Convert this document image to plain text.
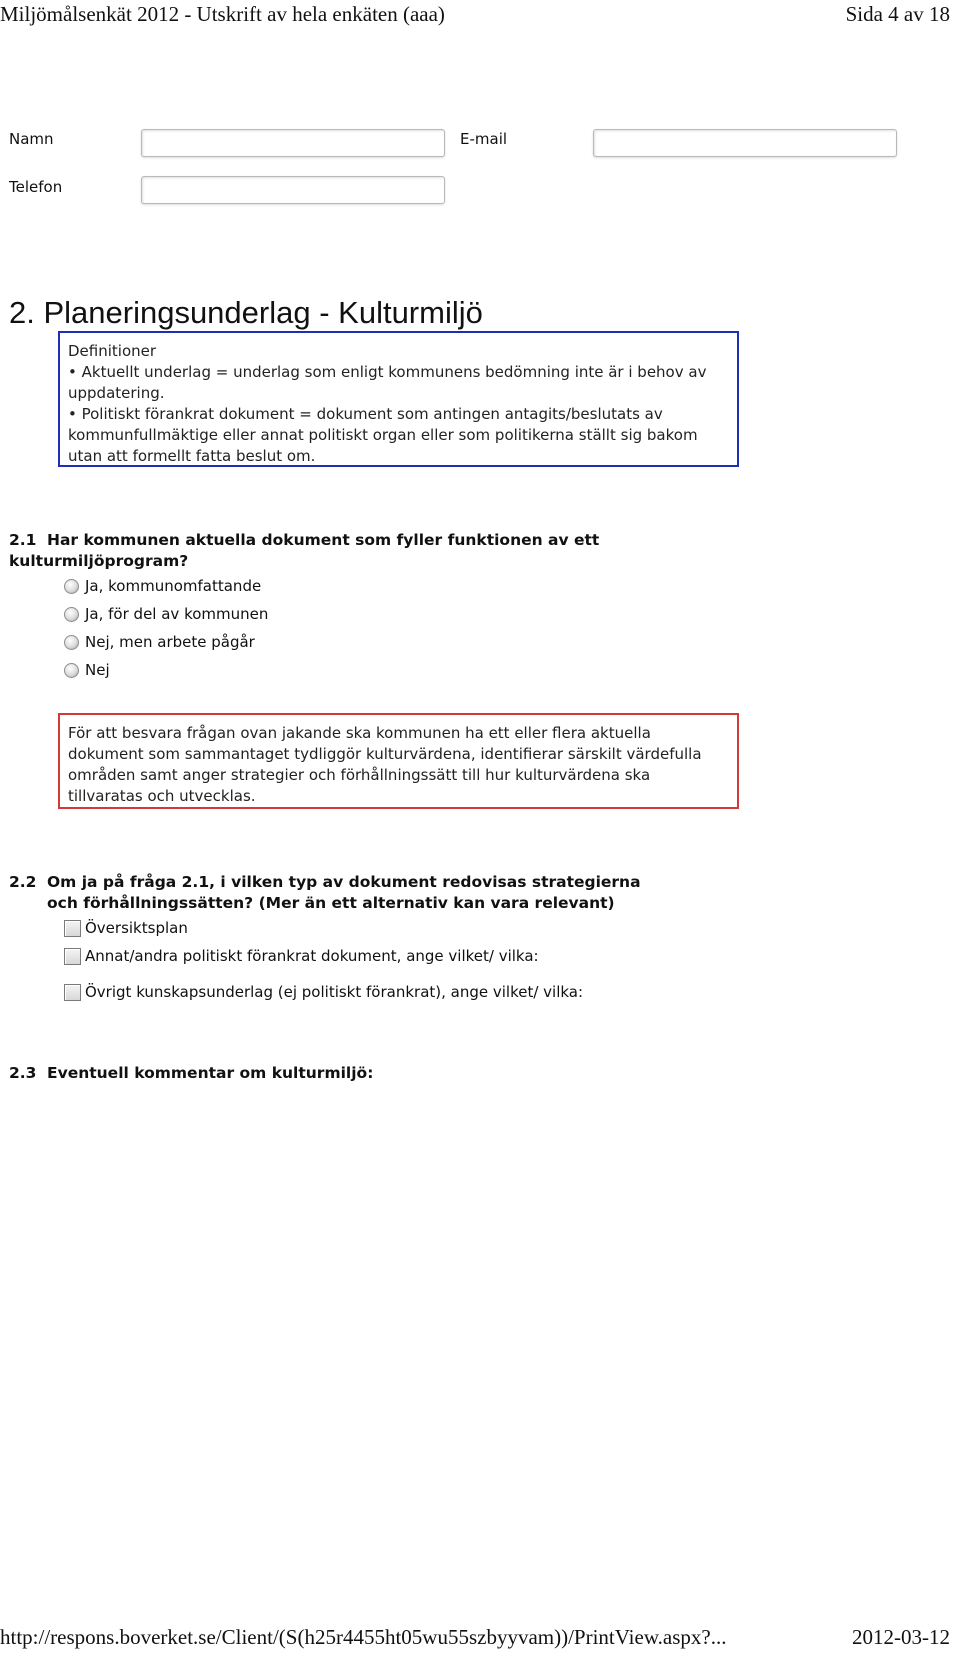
Miljömålsenkät 2012 - Utskrift av hela enkäten (aaa)	Sida 4 av 18
Namn	E-mail
Telefon
2. Planeringsunderlag - Kulturmiljö

Definitioner

• Aktuellt underlag = underlag som enligt kommunens bedömning inte är i behov av uppdatering.

• Politiskt förankrat dokument = dokument som antingen antagits/beslutats av kommunfullmäktige eller annat politiskt organ eller som politikerna ställt sig bakom utan att formellt fatta beslut om.

2.1 Har kommunen aktuella dokument som fyller funktionen av ett kulturmiljöprogram?
Ja, kommunomfattande
Ja, för del av kommunen
Nej, men arbete pågår
Nej

För att besvara frågan ovan jakande ska kommunen ha ett eller flera aktuella dokument som sammantaget tydliggör kulturvärdena, identifierar särskilt värdefulla områden samt anger strategier och förhållningssätt till hur kulturvärdena ska tillvaratas och utvecklas.

2.2 Om ja på fråga 2.1, i vilken typ av dokument redovisas strategierna
och förhållningssätten? (Mer än ett alternativ kan vara relevant)
Översiktsplan
Annat/andra politiskt förankrat dokument, ange vilket/ vilka:
Övrigt kunskapsunderlag (ej politiskt förankrat), ange vilket/ vilka:
2.3 Eventuell kommentar om kulturmiljö:
http://respons.boverket.se/Client/(S(h25r4455ht05wu55szbyyvam))/PrintView.aspx?...	2012-03-12
